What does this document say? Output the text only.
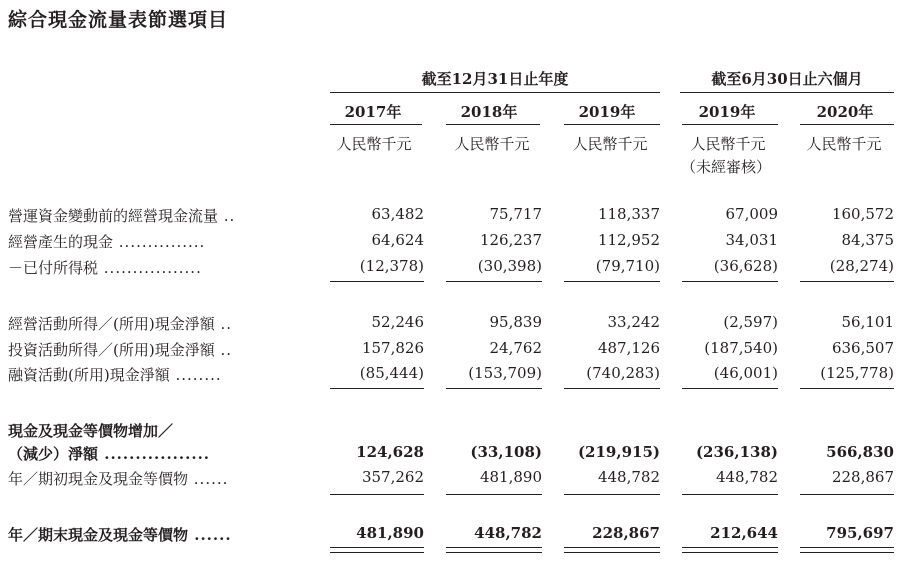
綜合現金流量表節選項目
截至12月31日止年度	截至6月30日止六個月
2017年	2018年	2019年	2019年	2020年
人民幣千元	人民幣千元	人民幣千元	人民幣千元	人民幣千元
（未經審核）
營運資金變動前的經營現金流量 ..	63,482	75,717	118,337	67,009	160,572
經營產生的現金 ...............	64,624	126,237	112,952	34,031	84,375
－已付所得税 .................	(12,378)	(30,398)	(79,710)	(36,628)	(28,274)
經營活動所得／(所用)現金淨額 ..	52,246	95,839	33,242	(2,597)	56,101
投資活動所得／(所用)現金淨額 ..	157,826	24,762	487,126	(187,540)	636,507
融資活動(所用)現金淨額 ........	(85,444)	(153,709)	(740,283)	(46,001)	(125,778)
現金及現金等價物增加／
（減少）淨額 .................	124,628	(33,108) (219,915) (236,138)	566,830
年／期初現金及現金等價物 ......	357,262	481,890	448,782	448,782	228,867
年／期末現金及現金等價物 ......	481,890	448,782	228,867	212,644	795,697
